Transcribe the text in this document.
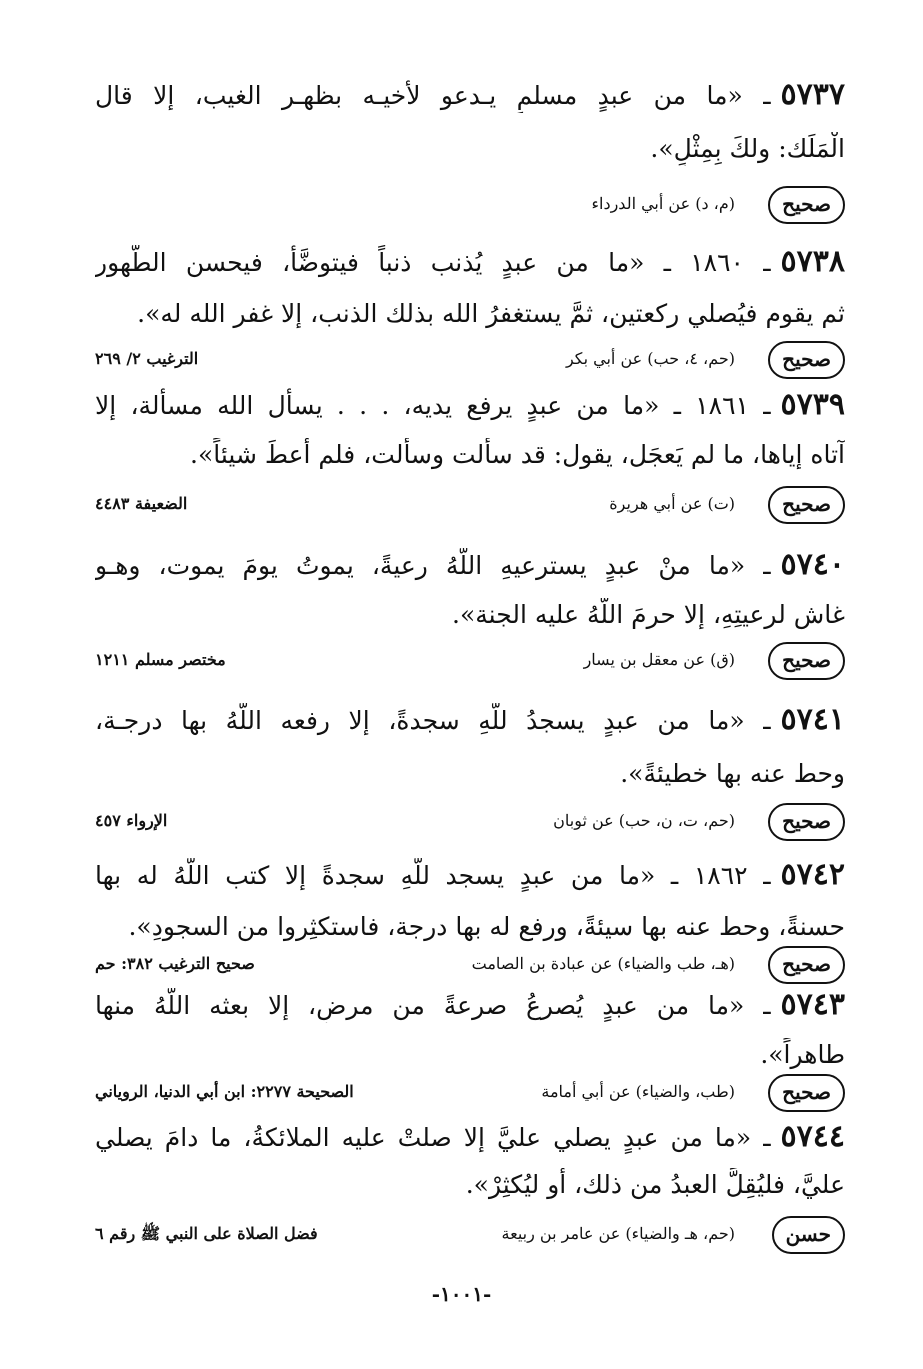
٥٧٣٧ـ «ما من عبدٍ مسلمٍ يـدعو لأخيـه بظهـر الغيب، إلا قال
الْمَلَك: ولكَ بِمِثْلٍ».
صحيح
(م، د) عن أبي الدرداء
٥٧٣٨ـ ١٨٦٠ ـ «ما من عبدٍ يُذنب ذنباً فيتوضَّأ، فيحسن الطُّهور
ثم يقوم فيُصلي ركعتين، ثمَّ يستغفرُ الله بذلك الذنب، إلا غفر الله له».
صحيح
(حم، ٤، حب) عن أبي بكر
الترغيب ٢/ ٢٦٩
٥٧٣٩ـ ١٨٦١ ـ «ما من عبدٍ يرفع يديه، . . . يسأل الله مسألة، إلا
آتاه إياها، ما لم يَعجَل، يقول: قد سألت وسألت، فلم أعطَ شيئاً».
صحيح
(ت) عن أبي هريرة
الضعيفة ٤٤٨٣
٥٧٤٠ـ «ما منْ عبدٍ يسترعيهِ اللّهُ رعيةً، يموتُ يومَ يموت، وهـو
غاش لرعيتِهِ، إلا حرمَ اللّهُ عليه الجنة».
صحيح
(ق) عن معقل بن يسار
مختصر مسلم ١٢١١
٥٧٤١ـ «ما من عبدٍ يسجدُ للّهِ سجدةً، إلا رفعه اللّهُ بها درجـة،
وحط عنه بها خطيئةً».
صحيح
(حم، ت، ن، حب) عن ثوبان
الإرواء ٤٥٧
٥٧٤٢ـ ١٨٦٢ ـ «ما من عبدٍ يسجد للّهِ سجدةً إلا كتب اللّهُ له بها
حسنةً، وحط عنه بها سيئةً، ورفع له بها درجة، فاستكثِروا من السجودِ».
صحيح
(هـ، طب والضياء) عن عبادة بن الصامت
صحيح الترغيب ٣٨٢: حم
٥٧٤٣ـ «ما من عبدٍ يُصرعُ صرعةً من مرضٍ، إلا بعثه اللّهُ منها
طاهراً».
صحيح
(طب، والضياء) عن أبي أمامة
الصحيحة ٢٢٧٧: ابن أبي الدنيا، الروياني
٥٧٤٤ـ «ما من عبدٍ يصلي عليَّ إلا صلتْ عليه الملائكةُ، ما دامَ يصلي
عليَّ، فليُقِلَّ العبدُ من ذلك، أو ليُكثِرْ».
حسن
(حم، هـ والضياء) عن عامر بن ربيعة
فضل الصلاة على النبي ﷺ رقم ٦
-١٠٠١-
